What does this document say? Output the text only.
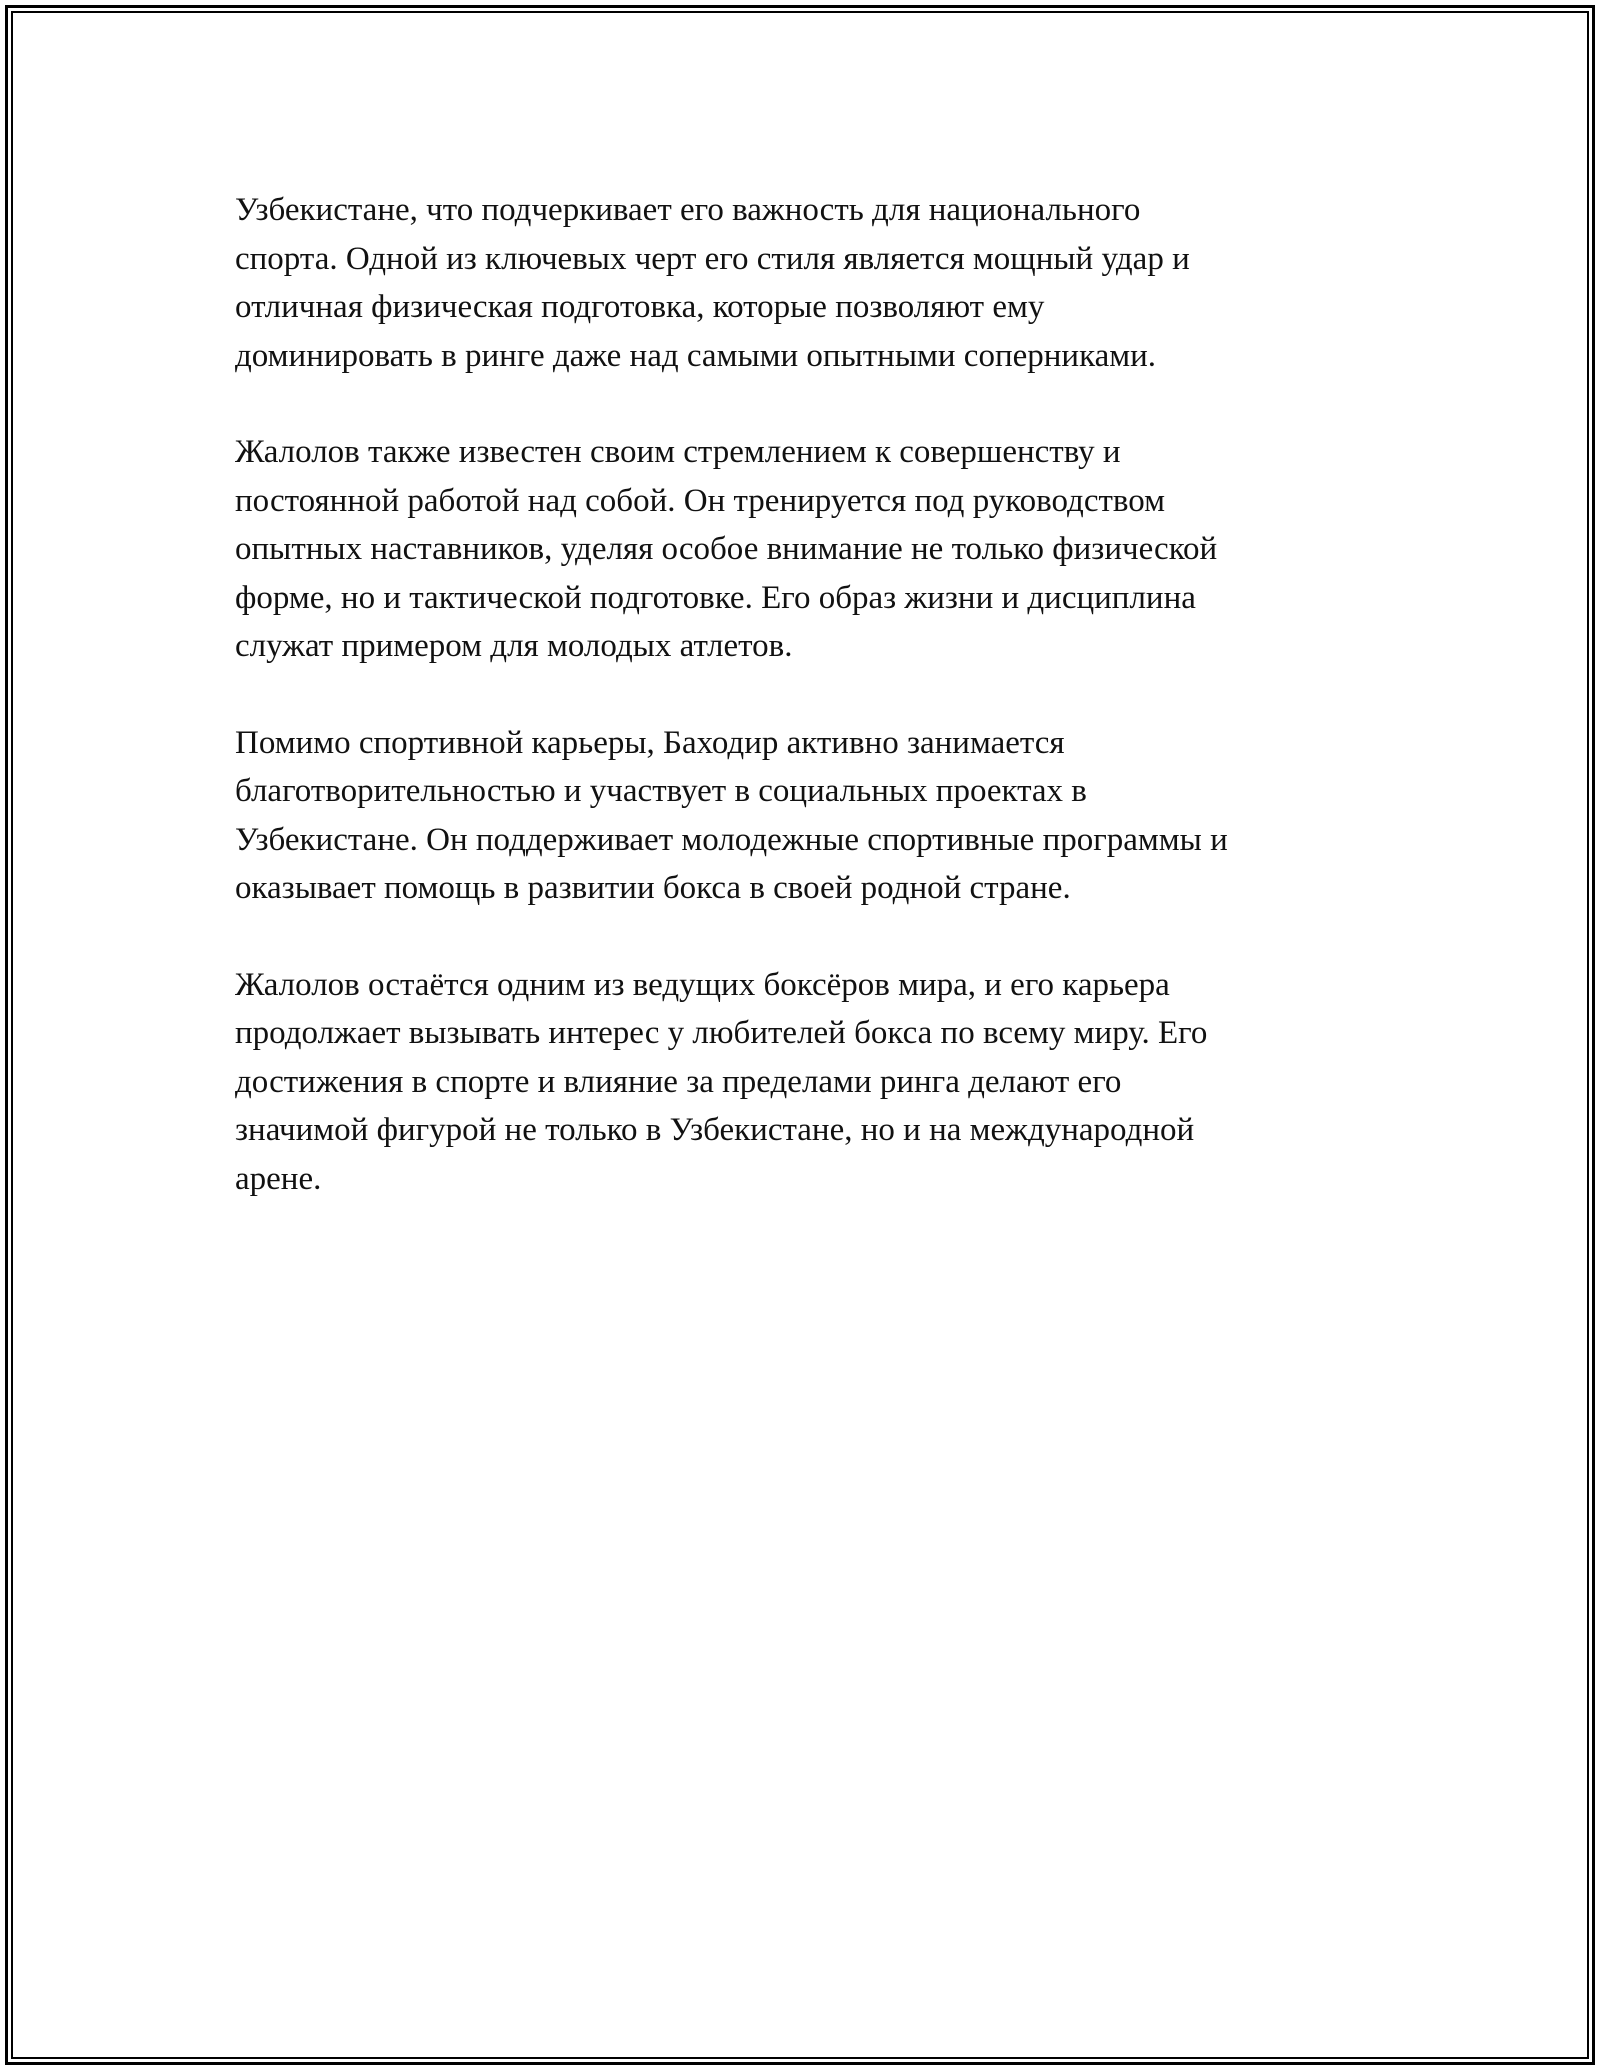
Узбекистане, что подчеркивает его важность для национального
спорта. Одной из ключевых черт его стиля является мощный удар и
отличная физическая подготовка, которые позволяют ему
доминировать в ринге даже над самыми опытными соперниками.

Жалолов также известен своим стремлением к совершенству и
постоянной работой над собой. Он тренируется под руководством
опытных наставников, уделяя особое внимание не только физической
форме, но и тактической подготовке. Его образ жизни и дисциплина
служат примером для молодых атлетов.

Помимо спортивной карьеры, Баходир активно занимается
благотворительностью и участвует в социальных проектах в
Узбекистане. Он поддерживает молодежные спортивные программы и
оказывает помощь в развитии бокса в своей родной стране.

Жалолов остаётся одним из ведущих боксёров мира, и его карьера
продолжает вызывать интерес у любителей бокса по всему миру. Его
достижения в спорте и влияние за пределами ринга делают его
значимой фигурой не только в Узбекистане, но и на международной
арене.
